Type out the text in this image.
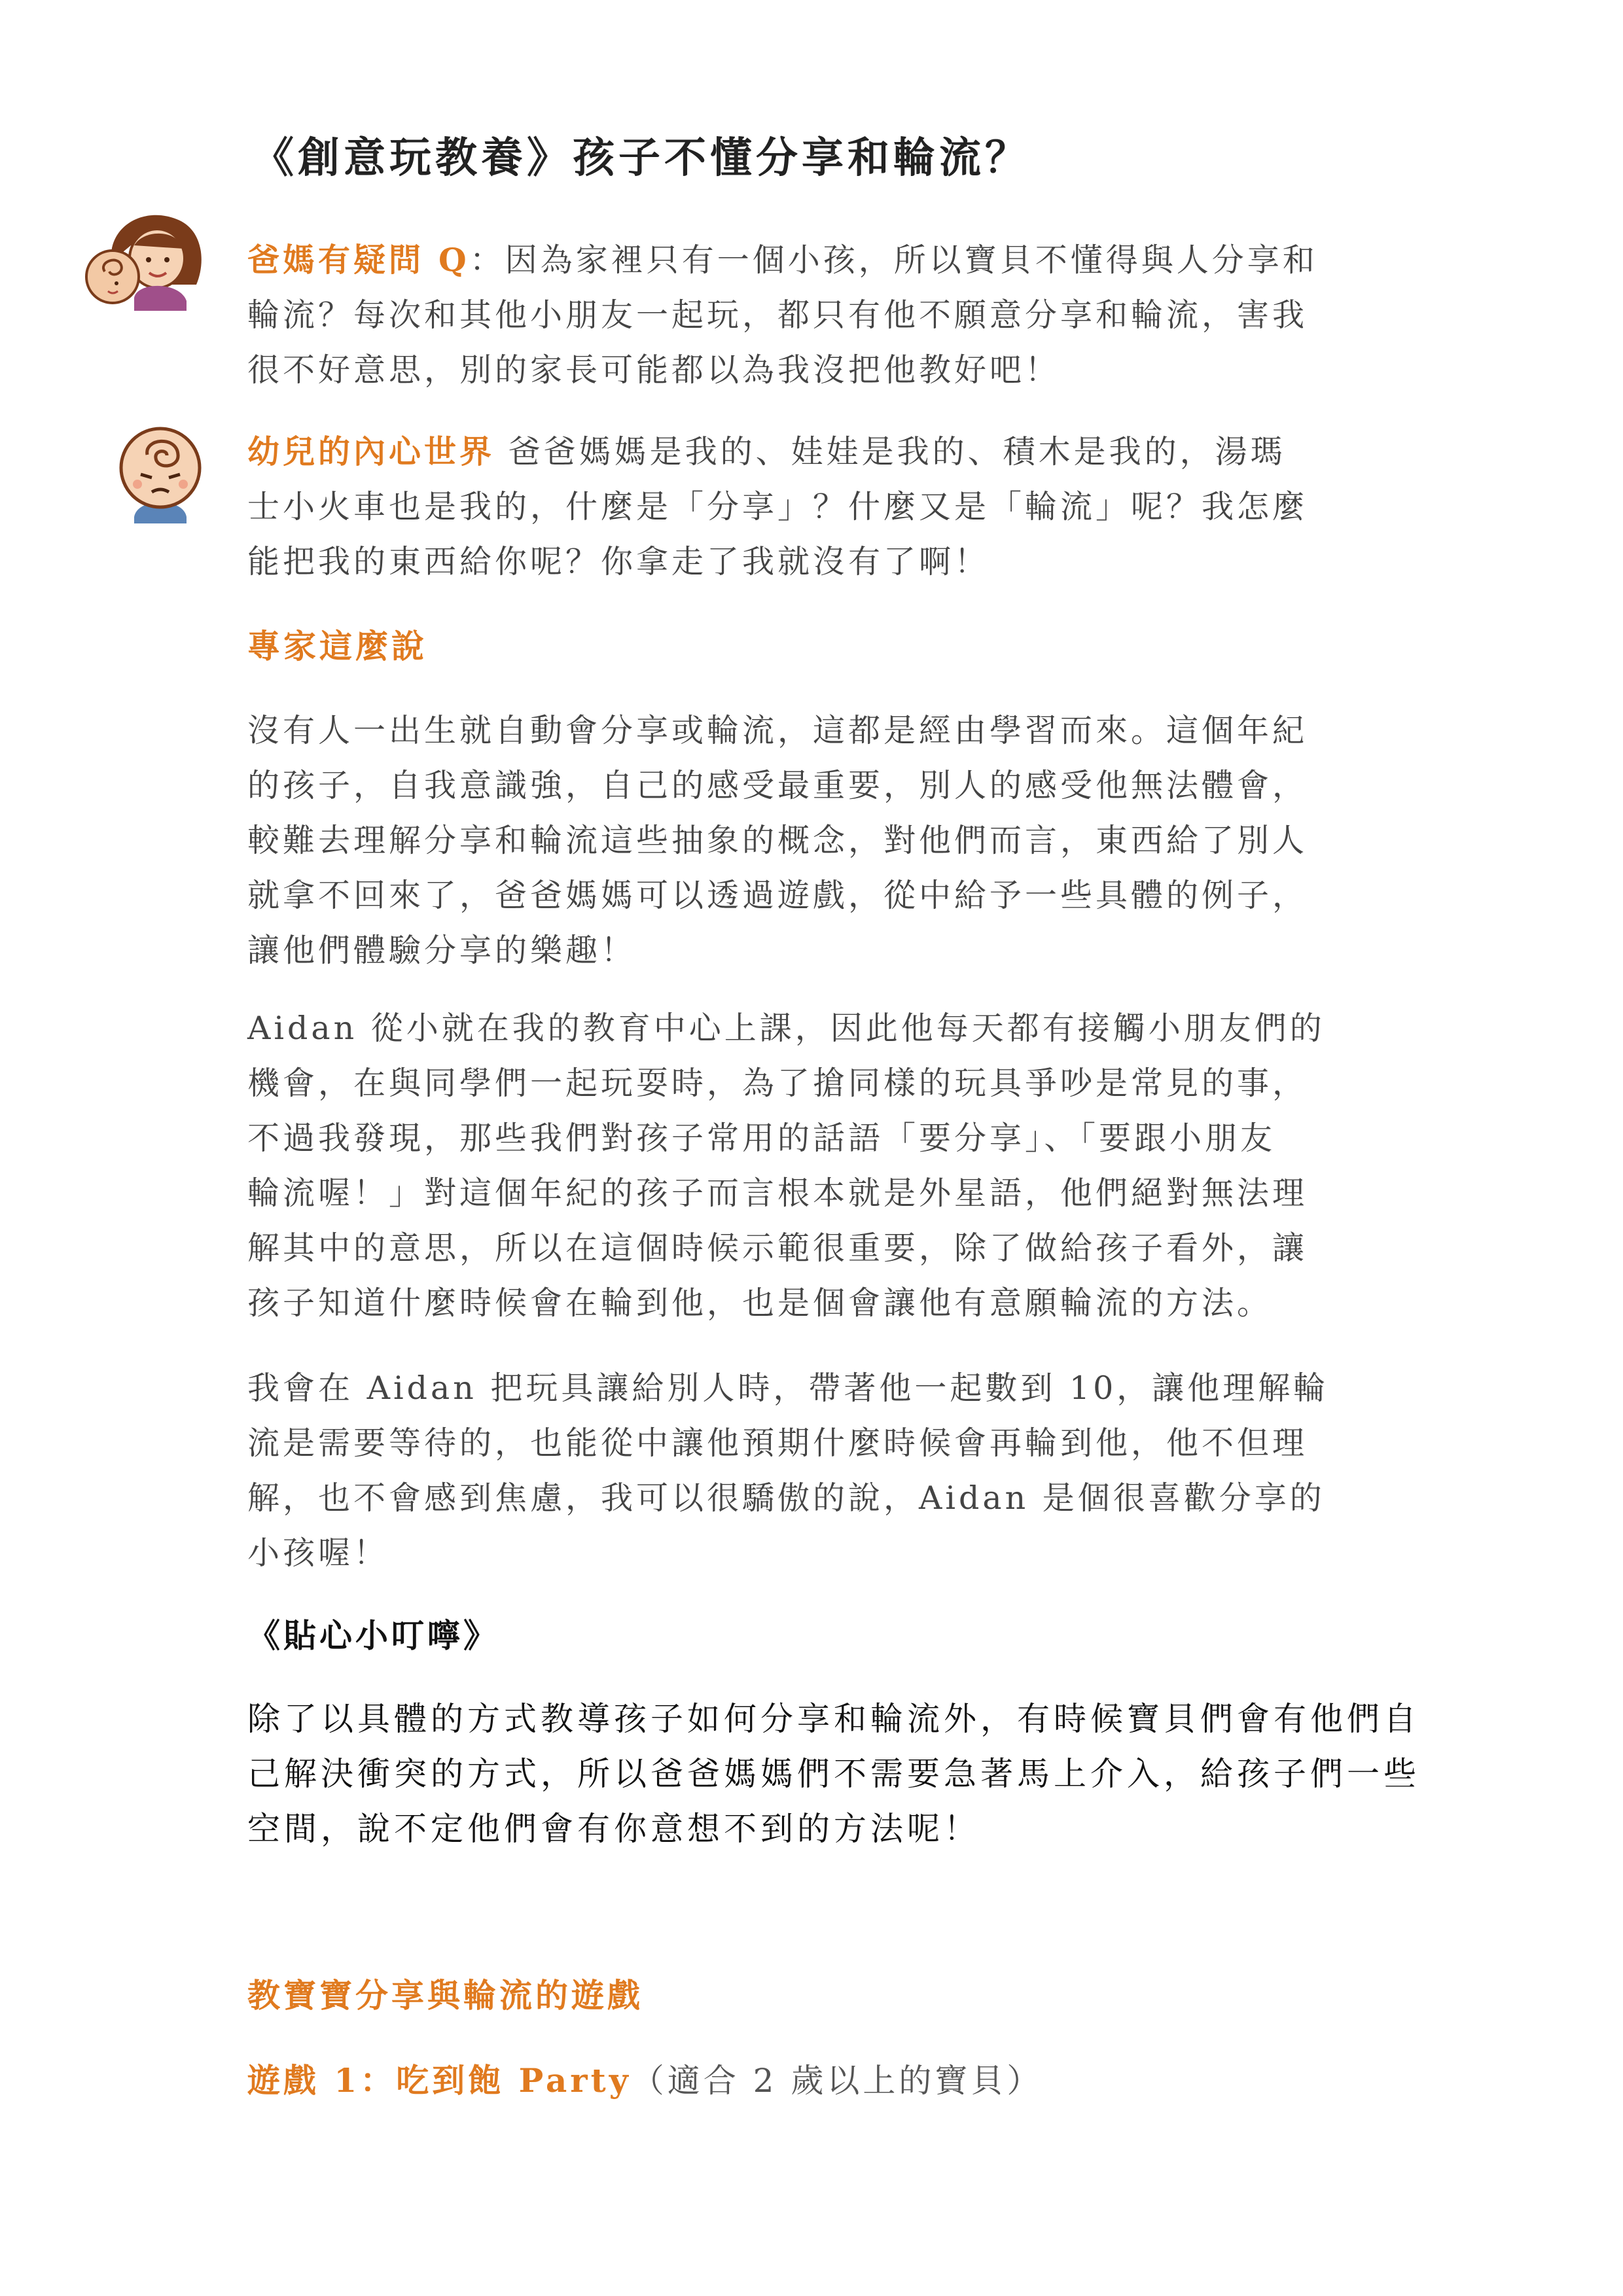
《創意玩教養》孩子不懂分享和輪流？
爸媽有疑問 Q：因為家裡只有一個小孩，所以寶貝不懂得與人分享和
輪流？每次和其他小朋友一起玩，都只有他不願意分享和輪流，害我
很不好意思，別的家長可能都以為我沒把他教好吧！
幼兒的內心世界 爸爸媽媽是我的、娃娃是我的、積木是我的，湯瑪
士小火車也是我的，什麼是「分享」？什麼又是「輪流」呢？我怎麼
能把我的東西給你呢？你拿走了我就沒有了啊！
專家這麼說
沒有人一出生就自動會分享或輪流，這都是經由學習而來。這個年紀
的孩子，自我意識強，自己的感受最重要，別人的感受他無法體會，
較難去理解分享和輪流這些抽象的概念，對他們而言，東西給了別人
就拿不回來了，爸爸媽媽可以透過遊戲，從中給予一些具體的例子，
讓他們體驗分享的樂趣！
Aidan 從小就在我的教育中心上課，因此他每天都有接觸小朋友們的
機會，在與同學們一起玩耍時，為了搶同樣的玩具爭吵是常見的事，
不過我發現，那些我們對孩子常用的話語「要分享」、「要跟小朋友
輪流喔！」對這個年紀的孩子而言根本就是外星語，他們絕對無法理
解其中的意思，所以在這個時候示範很重要，除了做給孩子看外，讓
孩子知道什麼時候會在輪到他，也是個會讓他有意願輪流的方法。
我會在 Aidan 把玩具讓給別人時，帶著他一起數到 10，讓他理解輪
流是需要等待的，也能從中讓他預期什麼時候會再輪到他，他不但理
解，也不會感到焦慮，我可以很驕傲的說，Aidan 是個很喜歡分享的
小孩喔！
《貼心小叮嚀》
除了以具體的方式教導孩子如何分享和輪流外，有時候寶貝們會有他們自
己解決衝突的方式，所以爸爸媽媽們不需要急著馬上介入，給孩子們一些
空間，說不定他們會有你意想不到的方法呢！
教寶寶分享與輪流的遊戲
遊戲 1：吃到飽 Party（適合 2 歲以上的寶貝）
